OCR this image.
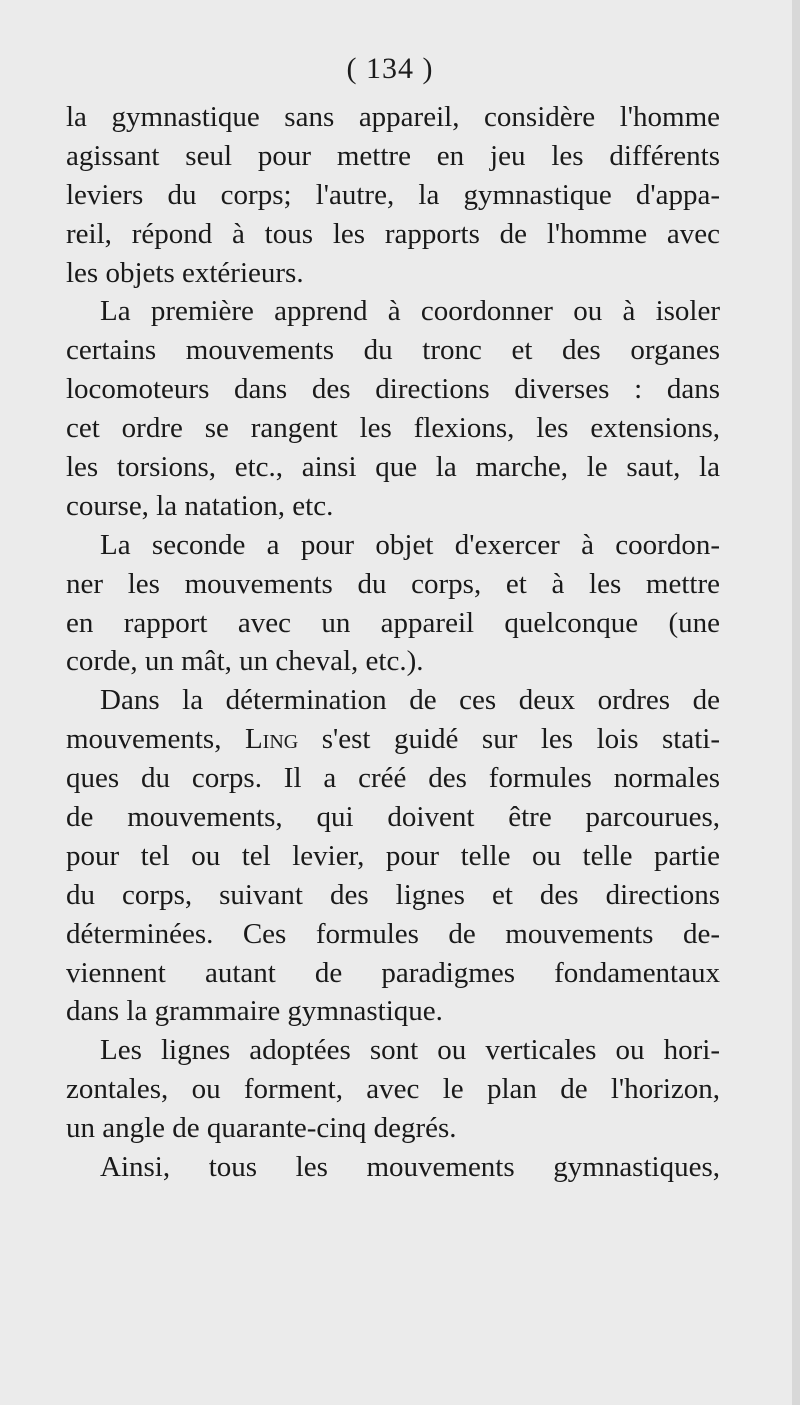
( 134 )
la gymnastique sans appareil, considère l'homme
agissant seul pour mettre en jeu les différents
leviers du corps; l'autre, la gymnastique d'appa-
reil, répond à tous les rapports de l'homme avec
les objets extérieurs.
La première apprend à coordonner ou à isoler
certains mouvements du tronc et des organes
locomoteurs dans des directions diverses : dans
cet ordre se rangent les flexions, les extensions,
les torsions, etc., ainsi que la marche, le saut, la
course, la natation, etc.
La seconde a pour objet d'exercer à coordon-
ner les mouvements du corps, et à les mettre
en rapport avec un appareil quelconque (une
corde, un mât, un cheval, etc.).
Dans la détermination de ces deux ordres de
mouvements, Ling s'est guidé sur les lois stati-
ques du corps. Il a créé des formules normales
de mouvements, qui doivent être parcourues,
pour tel ou tel levier, pour telle ou telle partie
du corps, suivant des lignes et des directions
déterminées. Ces formules de mouvements de-
viennent autant de paradigmes fondamentaux
dans la grammaire gymnastique.
Les lignes adoptées sont ou verticales ou hori-
zontales, ou forment, avec le plan de l'horizon,
un angle de quarante-cinq degrés.
Ainsi, tous les mouvements gymnastiques,
